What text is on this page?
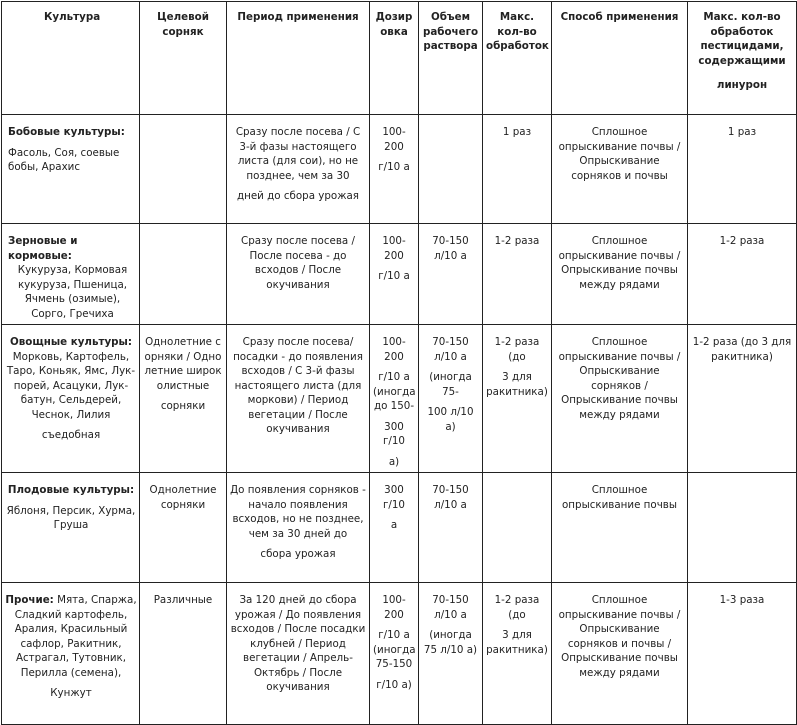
Культура	Целевой сорняк	Период применения	Дозировка	Объем рабочего раствора	Макс. кол-во обработок	Способ применения	Макс. кол-во обработок пестицидами, содержащими
линурон

Бобовые культуры:
Фасоль, Соя, соевые бобы, Арахис		Сразу после посева / С 3-й фазы настоящего листа (для сои), но не позднее, чем за 30
дней до сбора урожая	100-200
г/10 а		1 раз	Сплошное опрыскивание почвы / Опрыскивание сорняков и почвы	1 раз

Зерновые и кормовые:
Кукуруза, Кормовая кукуруза, Пшеница, Ячмень (озимые), Сорго, Гречиха		Сразу после посева / После посева - до всходов / После окучивания	100-200
г/10 а	70-150 л/10 а	1-2 раза	Сплошное опрыскивание почвы / Опрыскивание почвы между рядами	1-2 раза
Овощные культуры: Морковь, Картофель, Таро, Коньяк, Ямс, Лук-порей, Асацуки, Лук-батун, Сельдерей, Чеснок, Лилия
съедобная	Однолетние сорняки / Однолетние широколистные
сорняки	Сразу после посева/ посадки - до появления всходов / С 3-й фазы настоящего листа (для моркови) / Период вегетации / После окучивания	100-200
г/10 а (иногда до 150-
300 г/10
а)	70-150 л/10 а
(иногда 75-
100 л/10 а)	1-2 раза (до
3 для ракитника)	Сплошное опрыскивание почвы / Опрыскивание сорняков / Опрыскивание почвы между рядами	1-2 раза (до 3 для ракитника)

Плодовые культуры:
Яблоня, Персик, Хурма, Груша	Однолетние сорняки	До появления сорняков - начало появления всходов, но не позднее, чем за 30 дней до
сбора урожая	300 г/10
а	70-150 л/10 а		Сплошное опрыскивание почвы	
Прочие: Мята, Спаржа, Сладкий картофель, Аралия, Красильный сафлор, Ракитник, Астрагал, Тутовник, Перилла (семена),
Кунжут	Различные	За 120 дней до сбора урожая / До появления всходов / После посадки клубней / Период вегетации / Апрель-Октябрь / После окучивания	100-200
г/10 а (иногда 75-150
г/10 а)	70-150 л/10 а
(иногда 75 л/10 а)	1-2 раза (до
3 для ракитника)	Сплошное опрыскивание почвы / Опрыскивание сорняков и почвы / Опрыскивание почвы между рядами	1-3 раза
